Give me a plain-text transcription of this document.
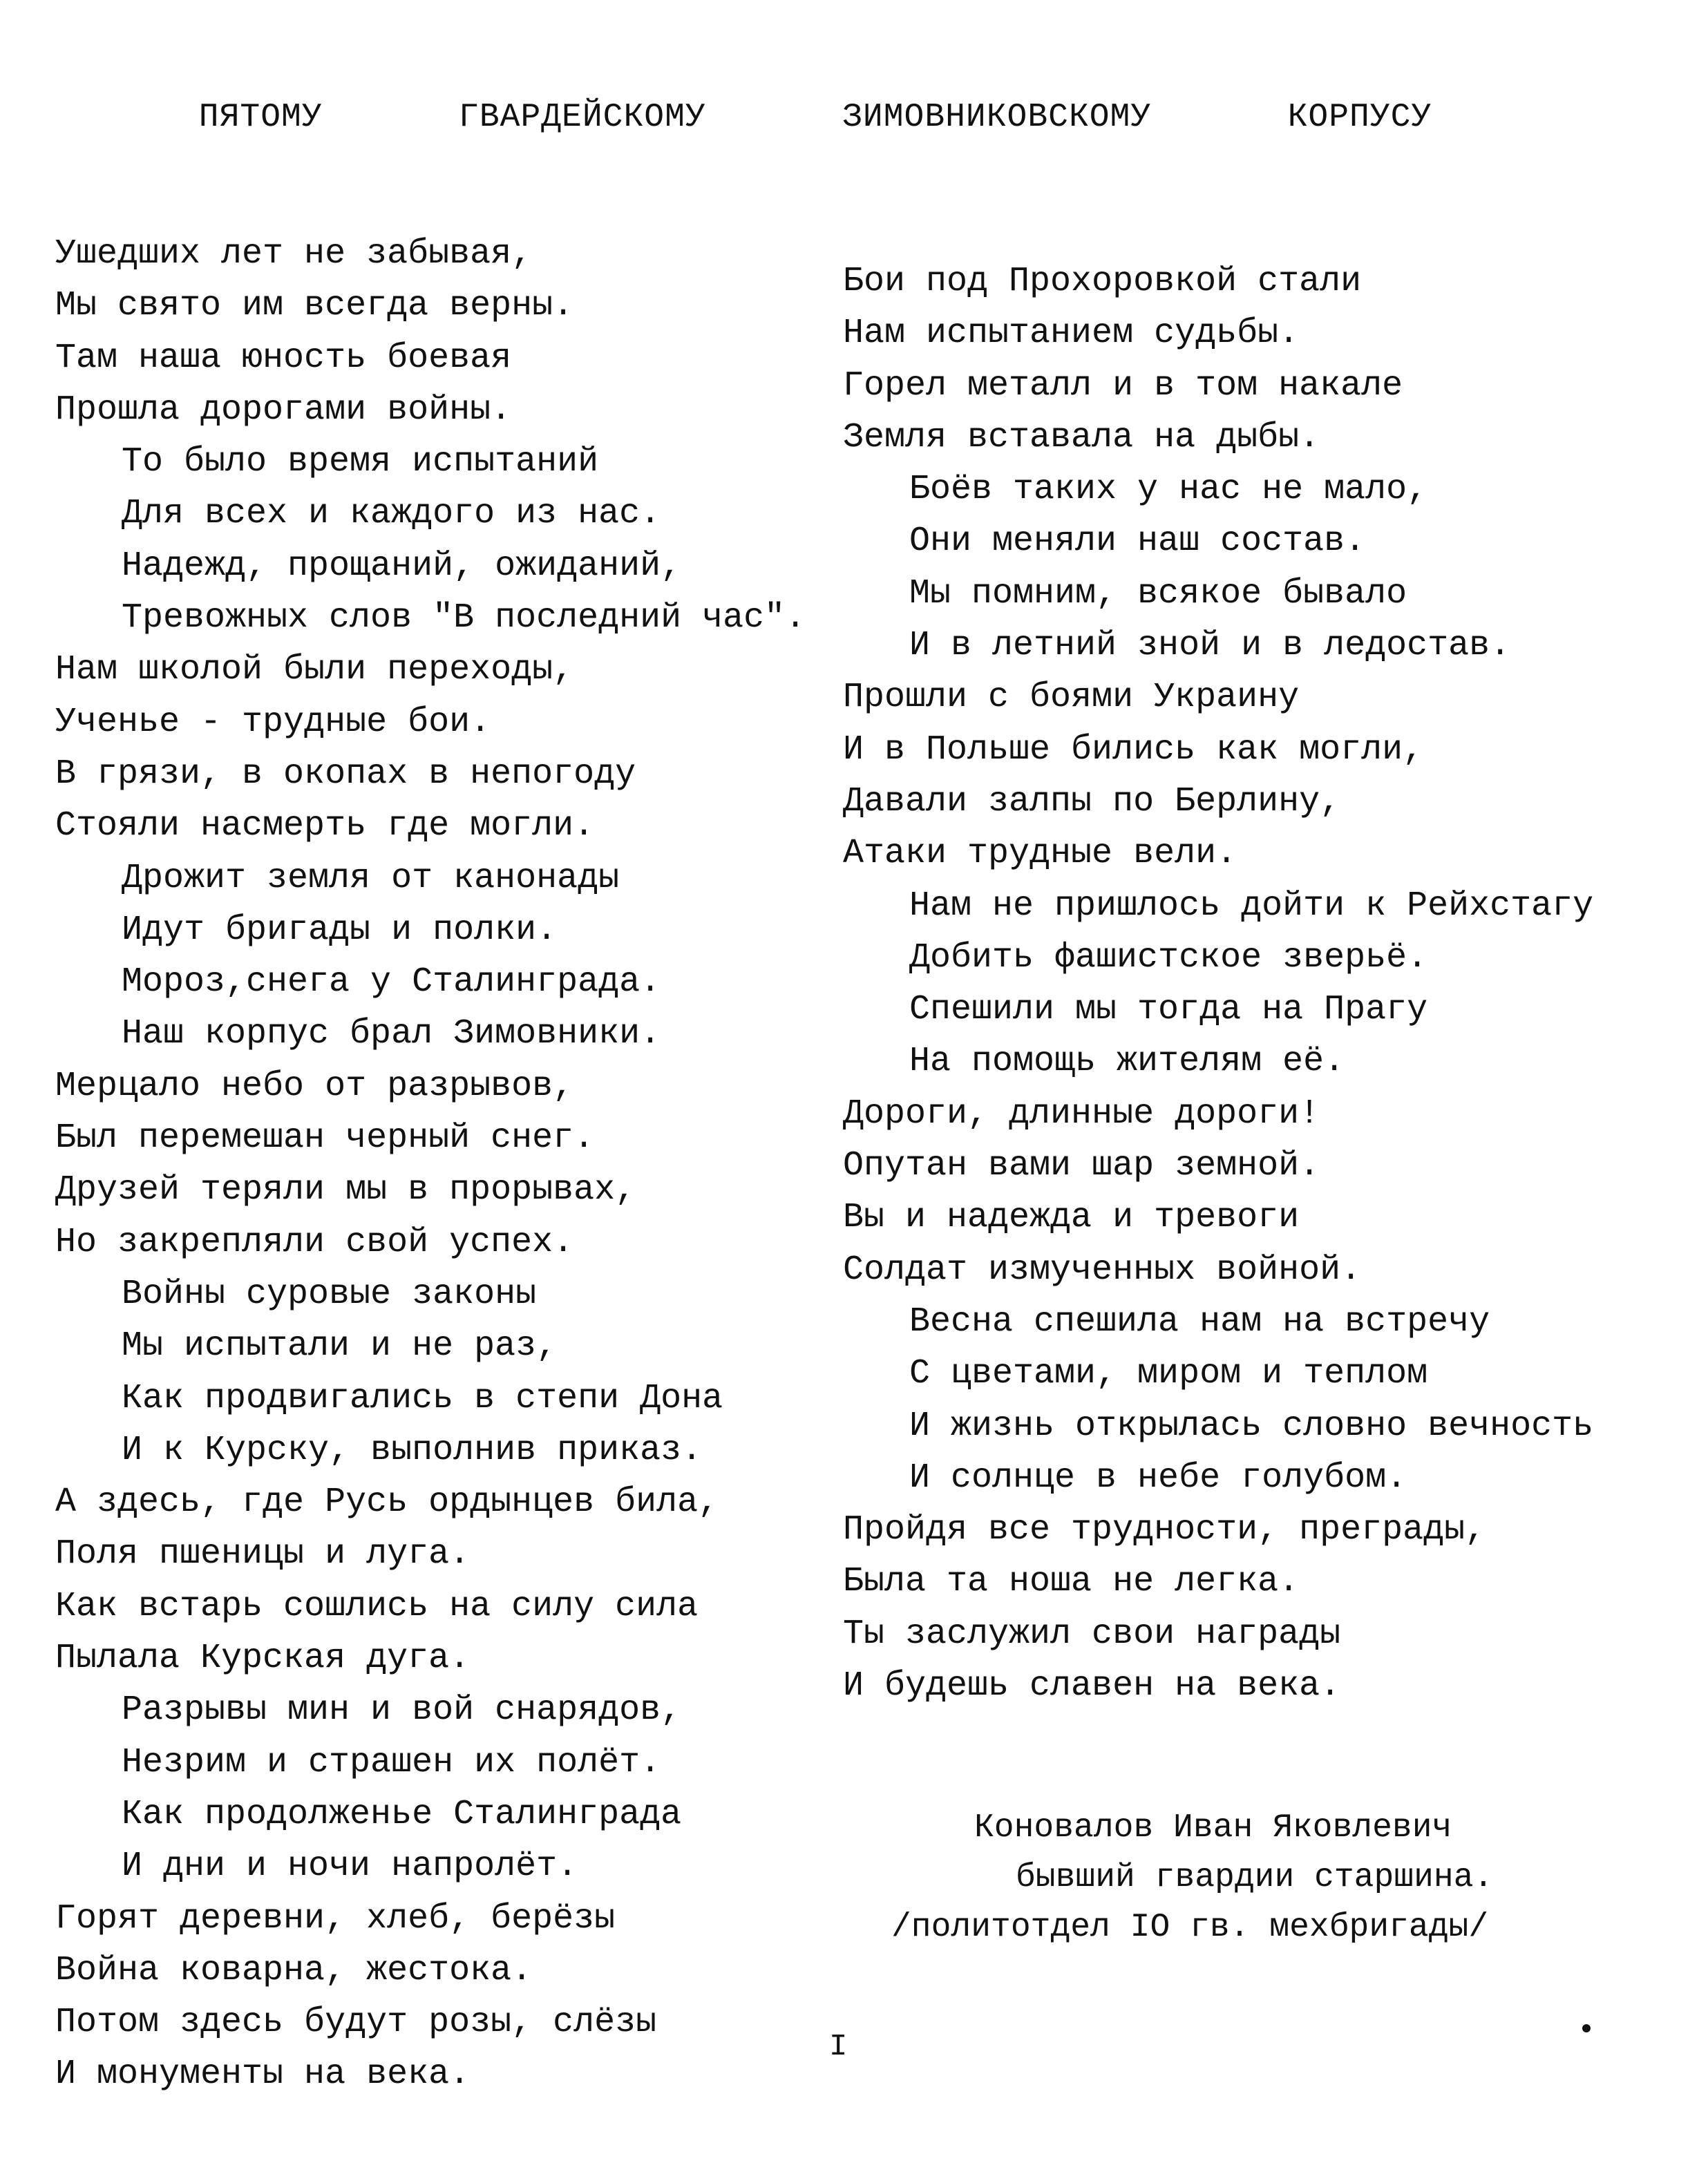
ПЯТОМУ   ГВАРДЕЙСКОМУ   ЗИМОВНИКОВСКОМУ   КОРПУСУ
Ушедших лет не забывая,
Мы свято им всегда верны.
Там наша юность боевая
Прошла дорогами войны.
То было время испытаний
Для всех и каждого из нас.
Надежд, прощаний, ожиданий,
Тревожных слов "В последний час".
Нам школой были переходы,
Ученье - трудные бои.
В грязи, в окопах в непогоду
Стояли насмерть где могли.
Дрожит земля от канонады
Идут бригады и полки.
Мороз,снега у Сталинграда.
Наш корпус брал Зимовники.
Мерцало небо от разрывов,
Был перемешан черный снег.
Друзей теряли мы в прорывах,
Но закрепляли свой успех.
Войны суровые законы
Мы испытали и не раз,
Как продвигались в степи Дона
И к Курску, выполнив приказ.
А здесь, где Русь ордынцев била,
Поля пшеницы и луга.
Как встарь сошлись на силу сила
Пылала Курская дуга.
Разрывы мин и вой снарядов,
Незрим и страшен их полёт.
Как продолженье Сталинграда
И дни и ночи напролёт.
Горят деревни, хлеб, берёзы
Война коварна, жестока.
Потом здесь будут розы, слёзы
И монументы на века.
Бои под Прохоровкой стали
Нам испытанием судьбы.
Горел металл и в том накале
Земля вставала на дыбы.
Боёв таких у нас не мало,
Они меняли наш состав.
Мы помним, всякое бывало
И в летний зной и в ледостав.
Прошли с боями Украину
И в Польше бились как могли,
Давали залпы по Берлину,
Атаки трудные вели.
Нам не пришлось дойти к Рейхстагу
Добить фашистское зверьё.
Спешили мы тогда на Прагу
На помощь жителям её.
Дороги, длинные дороги!
Опутан вами шар земной.
Вы и надежда и тревоги
Солдат измученных войной.
Весна спешила нам на встречу
С цветами, миром и теплом
И жизнь открылась словно вечность
И солнце в небе голубом.
Пройдя все трудности, преграды,
Была та ноша не легка.
Ты заслужил свои награды
И будешь славен на века.
Коновалов Иван Яковлевич
бывший гвардии старшина.
/политотдел IO гв. мехбригады/
I
